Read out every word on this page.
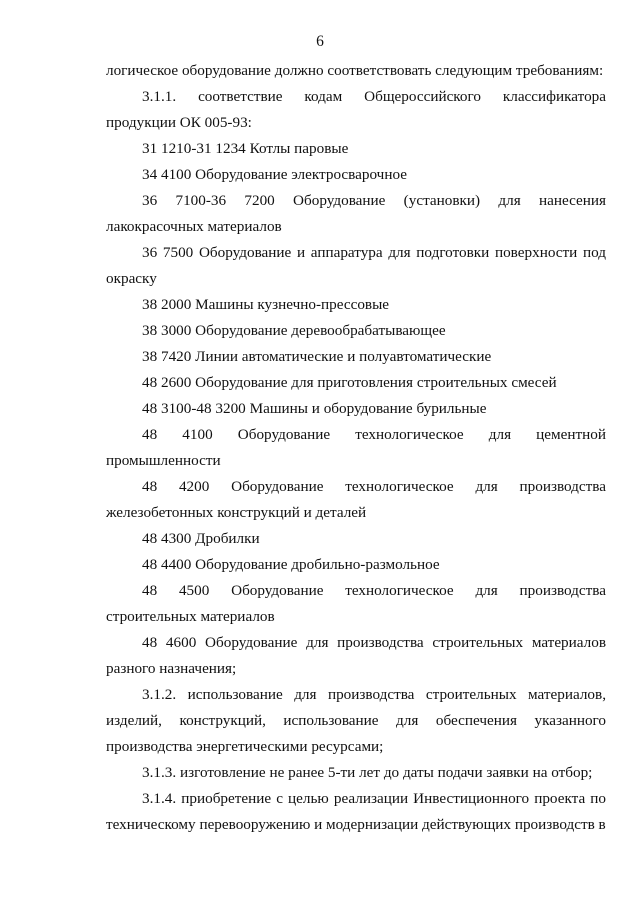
6

логическое оборудование должно соответствовать следующим требованиям:

3.1.1. соответствие кодам Общероссийского классификатора продукции ОК 005-93:

31 1210-31 1234 Котлы паровые

34 4100 Оборудование электросварочное

36 7100-36 7200 Оборудование (установки) для нанесения лакокрасочных материалов

36 7500 Оборудование и аппаратура для подготовки поверхности под окраску

38 2000 Машины кузнечно-прессовые

38 3000 Оборудование деревообрабатывающее

38 7420 Линии автоматические и полуавтоматические

48 2600 Оборудование для приготовления строительных смесей

48 3100-48 3200 Машины и оборудование бурильные

48 4100 Оборудование технологическое для цементной промышленности

48 4200 Оборудование технологическое для производства железобетонных конструкций и деталей

48 4300 Дробилки

48 4400 Оборудование дробильно-размольное

48 4500 Оборудование технологическое для производства строительных материалов

48 4600 Оборудование для производства строительных материалов разного назначения;

3.1.2. использование для производства строительных материалов, изделий, конструкций, использование для обеспечения указанного производства энергетическими ресурсами;

3.1.3. изготовление не ранее 5-ти лет до даты подачи заявки на отбор;

3.1.4. приобретение с целью реализации Инвестиционного проекта по техническому перевооружению и модернизации действующих производств в
